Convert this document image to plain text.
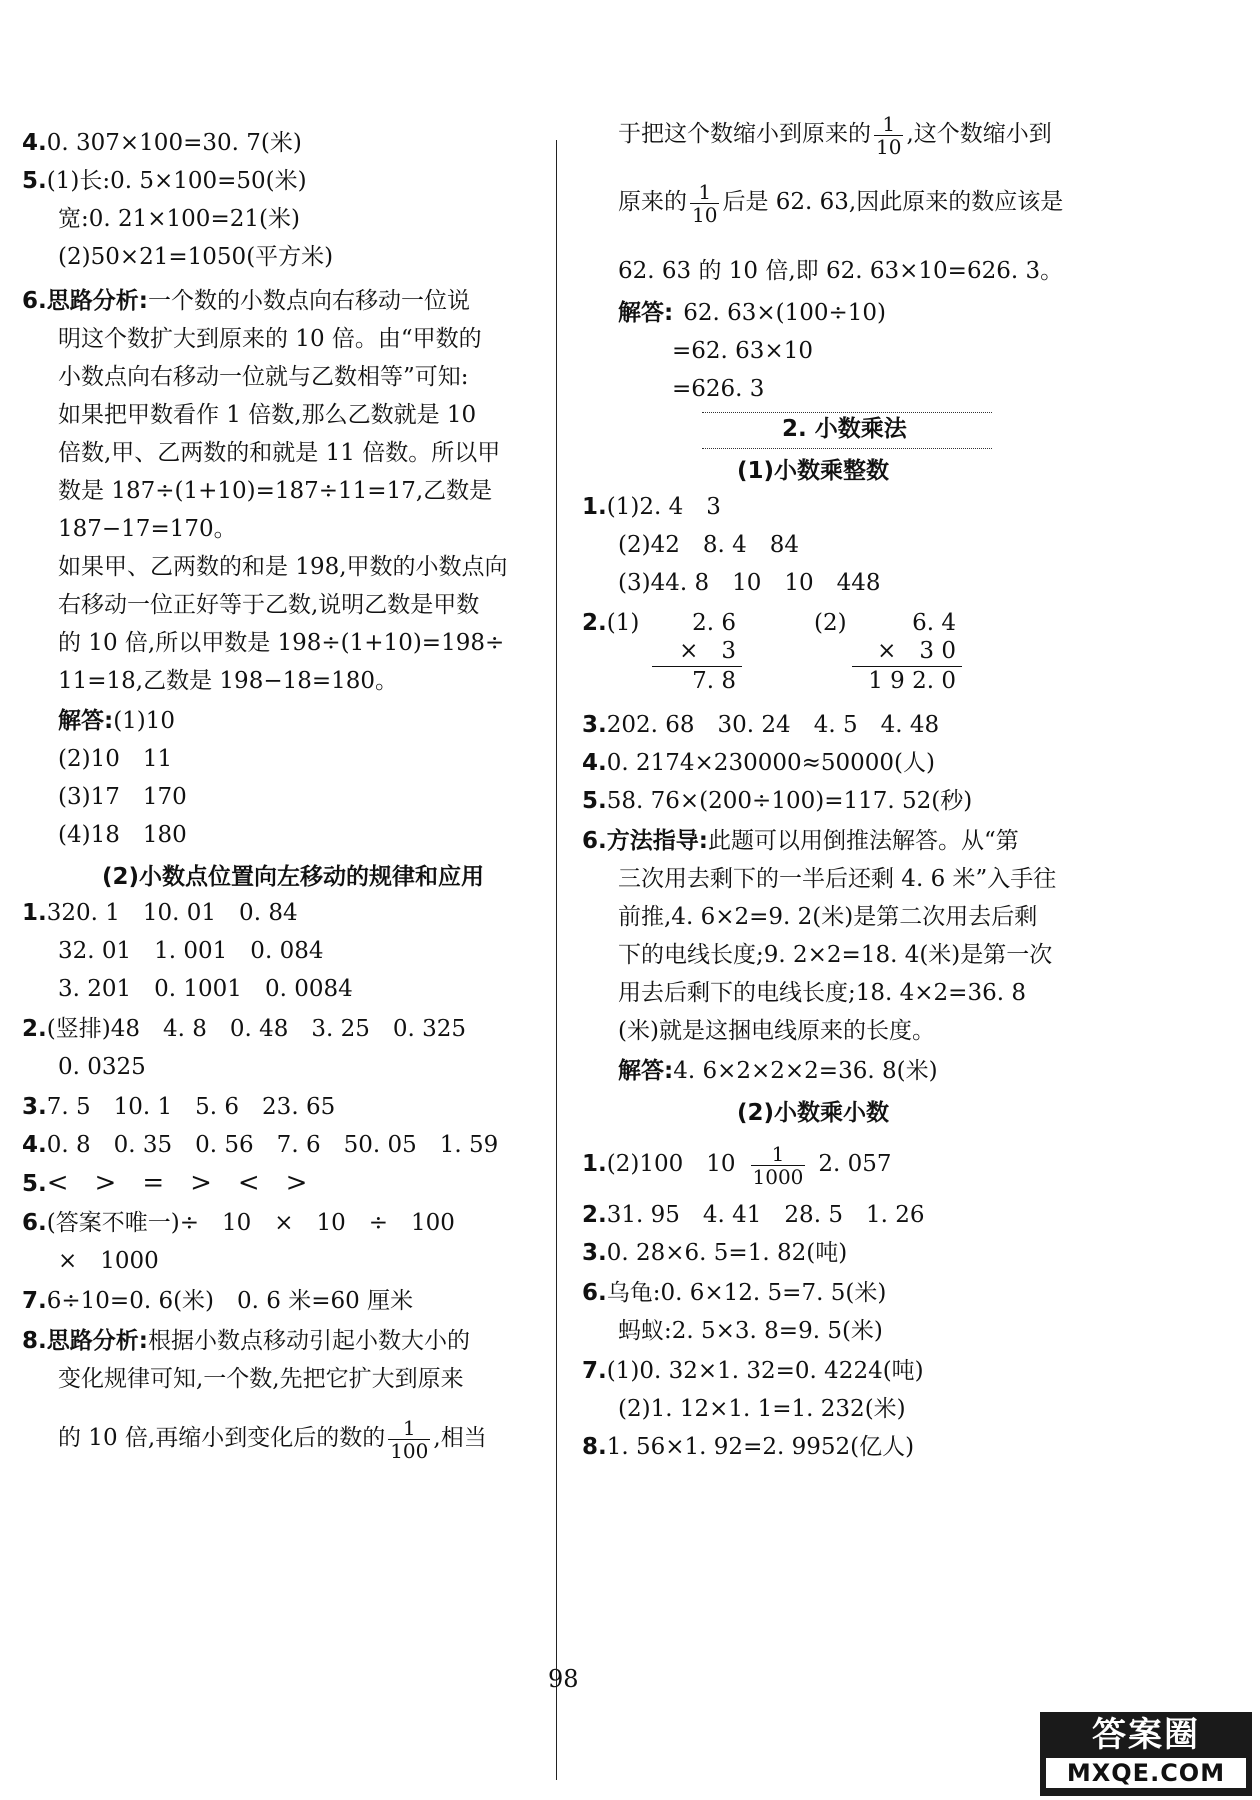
4.0. 307×100=30. 7(米)
5.(1)长:0. 5×100=50(米)
宽:0. 21×100=21(米)
(2)50×21=1050(平方米)
6.思路分析:一个数的小数点向右移动一位说
明这个数扩大到原来的 10 倍。由“甲数的
小数点向右移动一位就与乙数相等”可知:
如果把甲数看作 1 倍数,那么乙数就是 10
倍数,甲、乙两数的和就是 11 倍数。所以甲
数是 187÷(1+10)=187÷11=17,乙数是
187−17=170。
如果甲、乙两数的和是 198,甲数的小数点向
右移动一位正好等于乙数,说明乙数是甲数
的 10 倍,所以甲数是 198÷(1+10)=198÷
11=18,乙数是 198−18=180。
解答:(1)10
(2)10　11
(3)17　170
(4)18　180
(2)小数点位置向左移动的规律和应用
1.320. 1　10. 01　0. 84
32. 01　1. 001　0. 084
3. 201　0. 1001　0. 0084
2.(竖排)48　4. 8　0. 48　3. 25　0. 325
0. 0325
3.7. 5　10. 1　5. 6　23. 65
4.0. 8　0. 35　0. 56　7. 6　50. 05　1. 59
5.<　>　=　>　<　>
6.(答案不唯一)÷　10　×　10　÷　100
×　1000
7.6÷10=0. 6(米)　0. 6 米=60 厘米
8.思路分析:根据小数点移动引起小数大小的
变化规律可知,一个数,先把它扩大到原来
的 10 倍,再缩小到变化后的数的 $\frac{1}{100}$ ,相当
于把这个数缩小到原来的 $\frac{1}{10}$ ,这个数缩小到
原来的 $\frac{1}{10}$ 后是 62. 63,因此原来的数应该是
62. 63 的 10 倍,即 62. 63×10=626. 3。
解答: 62. 63×(100÷10)
=62. 63×10
=626. 3
2. 小数乘法
(1)小数乘整数
1.(1)2. 4　3
(2)42　8. 4　84
(3)44. 8　10　10　448
2.(1) 2. 6
×　3
7. 8
(2)	6. 4
×　3 0
1 9 2. 0
3.202. 68　30. 24　4. 5　4. 48
4.0. 2174×230000≈50000(人)
5.58. 76×(200÷100)=117. 52(秒)
6.方法指导:此题可以用倒推法解答。从“第
三次用去剩下的一半后还剩 4. 6 米”入手往
前推,4. 6×2=9. 2(米)是第二次用去后剩
下的电线长度;9. 2×2=18. 4(米)是第一次
用去后剩下的电线长度;18. 4×2=36. 8
(米)就是这捆电线原来的长度。
解答:4. 6×2×2×2=36. 8(米)
(2)小数乘小数
1.(2)100　$10 \frac{1}{1000} 2$. 057
2.31. 95　4. 41　28. 5　1. 26
3.0. 28×6. 5=1. 82(吨)
6.乌龟:0. 6×12. 5=7. 5(米)
蚂蚁:2. 5×3. 8=9. 5(米)
7.(1)0. 32×1. 32=0. 4224(吨)
(2)1. 12×1. 1=1. 232(米)
8.1. 56×1. 92=2. 9952(亿人)
98
答案圈
MXQE.COM
